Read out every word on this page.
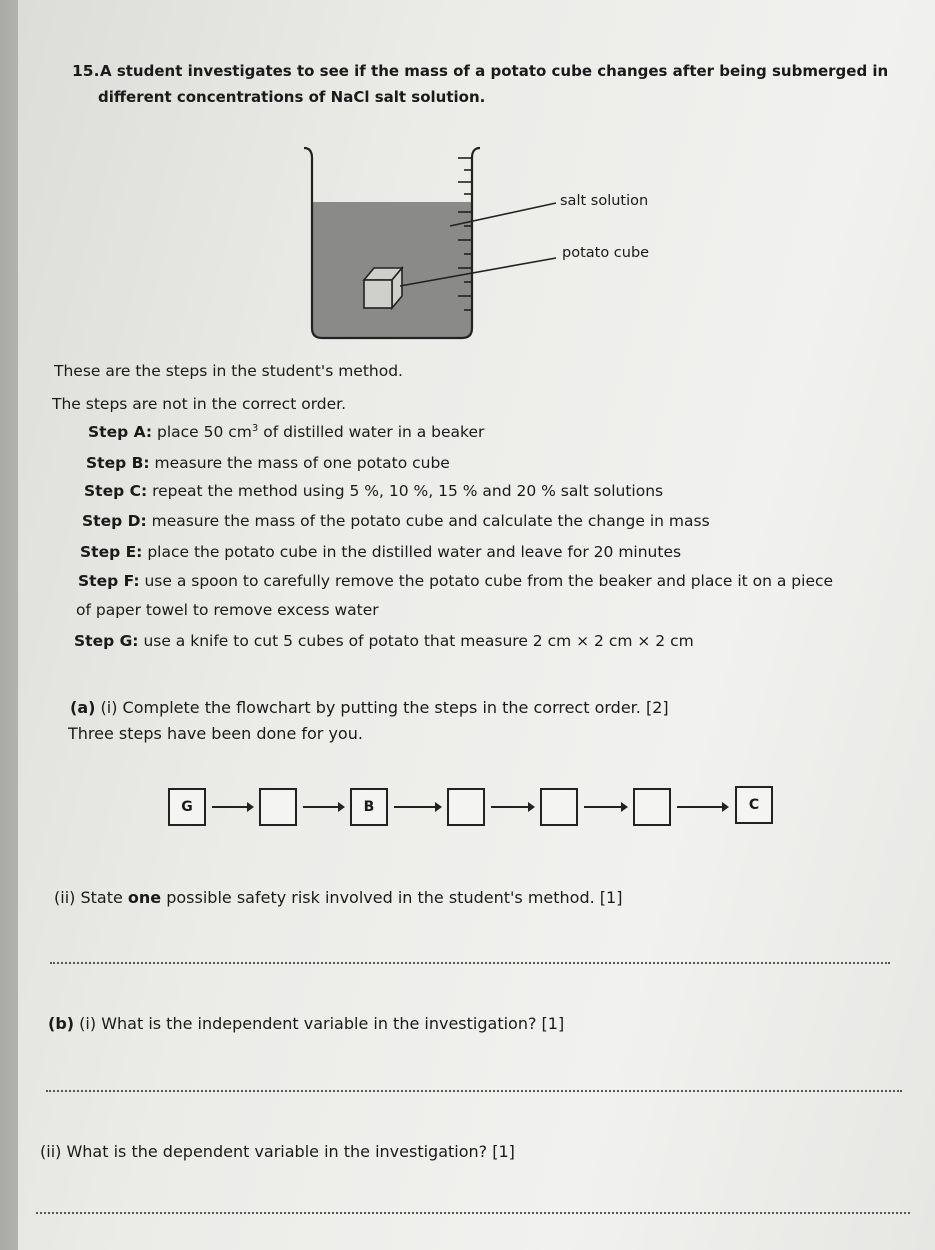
15. A student investigates to see if the mass of a potato cube changes after being submerged in
different concentrations of NaCl salt solution.
salt solution
potato cube
These are the steps in the student's method.
The steps are not in the correct order.
Step A: place 50 $cm^3$ of distilled water in a beaker
Step B: measure the mass of one potato cube
Step C: repeat the method using 5 %, 10 %, 15 % and 20 % salt solutions
Step D: measure the mass of the potato cube and calculate the change in mass
Step E: place the potato cube in the distilled water and leave for 20 minutes
Step F: use a spoon to carefully remove the potato cube from the beaker and place it on a piece
of paper towel to remove excess water
Step G: use a knife to cut 5 cubes of potato that measure 2 cm × 2 cm × 2 cm
(a) (i) Complete the flowchart by putting the steps in the correct order. [2]
Three steps have been done for you.
G	B	C
(ii) State one possible safety risk involved in the student's method. [1]
(b) (i) What is the independent variable in the investigation? [1]
(ii) What is the dependent variable in the investigation? [1]
